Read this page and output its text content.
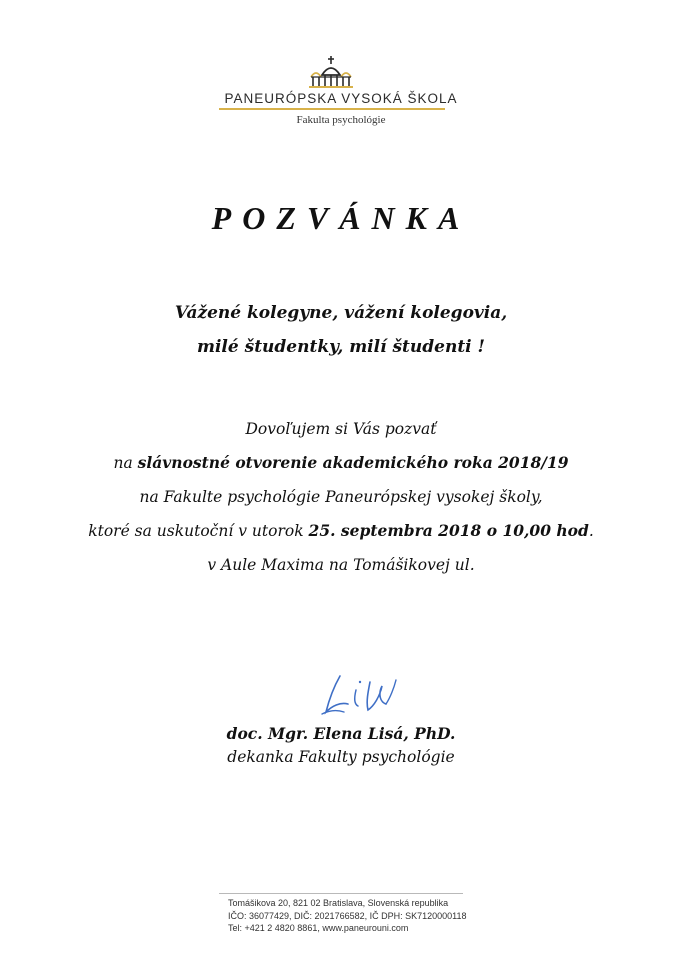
PANEURÓPSKA VYSOKÁ ŠKOLA
Fakulta psychológie
POZVÁNKA
Vážené kolegyne, vážení kolegovia,
milé študentky, milí študenti !
Dovoľujem si Vás pozvať
na slávnostné otvorenie akademického roka 2018/19
na Fakulte psychológie Paneurópskej vysokej školy,
ktoré sa uskutoční v utorok 25. septembra 2018 o 10,00 hod.
v Aule Maxima na Tomášikovej ul.
doc. Mgr. Elena Lisá, PhD.
dekanka Fakulty psychológie
Tomášikova 20, 821 02 Bratislava, Slovenská republika
IČO: 36077429, DIČ: 2021766582, IČ DPH: SK7120000118
Tel: +421 2 4820 8861, www.paneurouni.com
